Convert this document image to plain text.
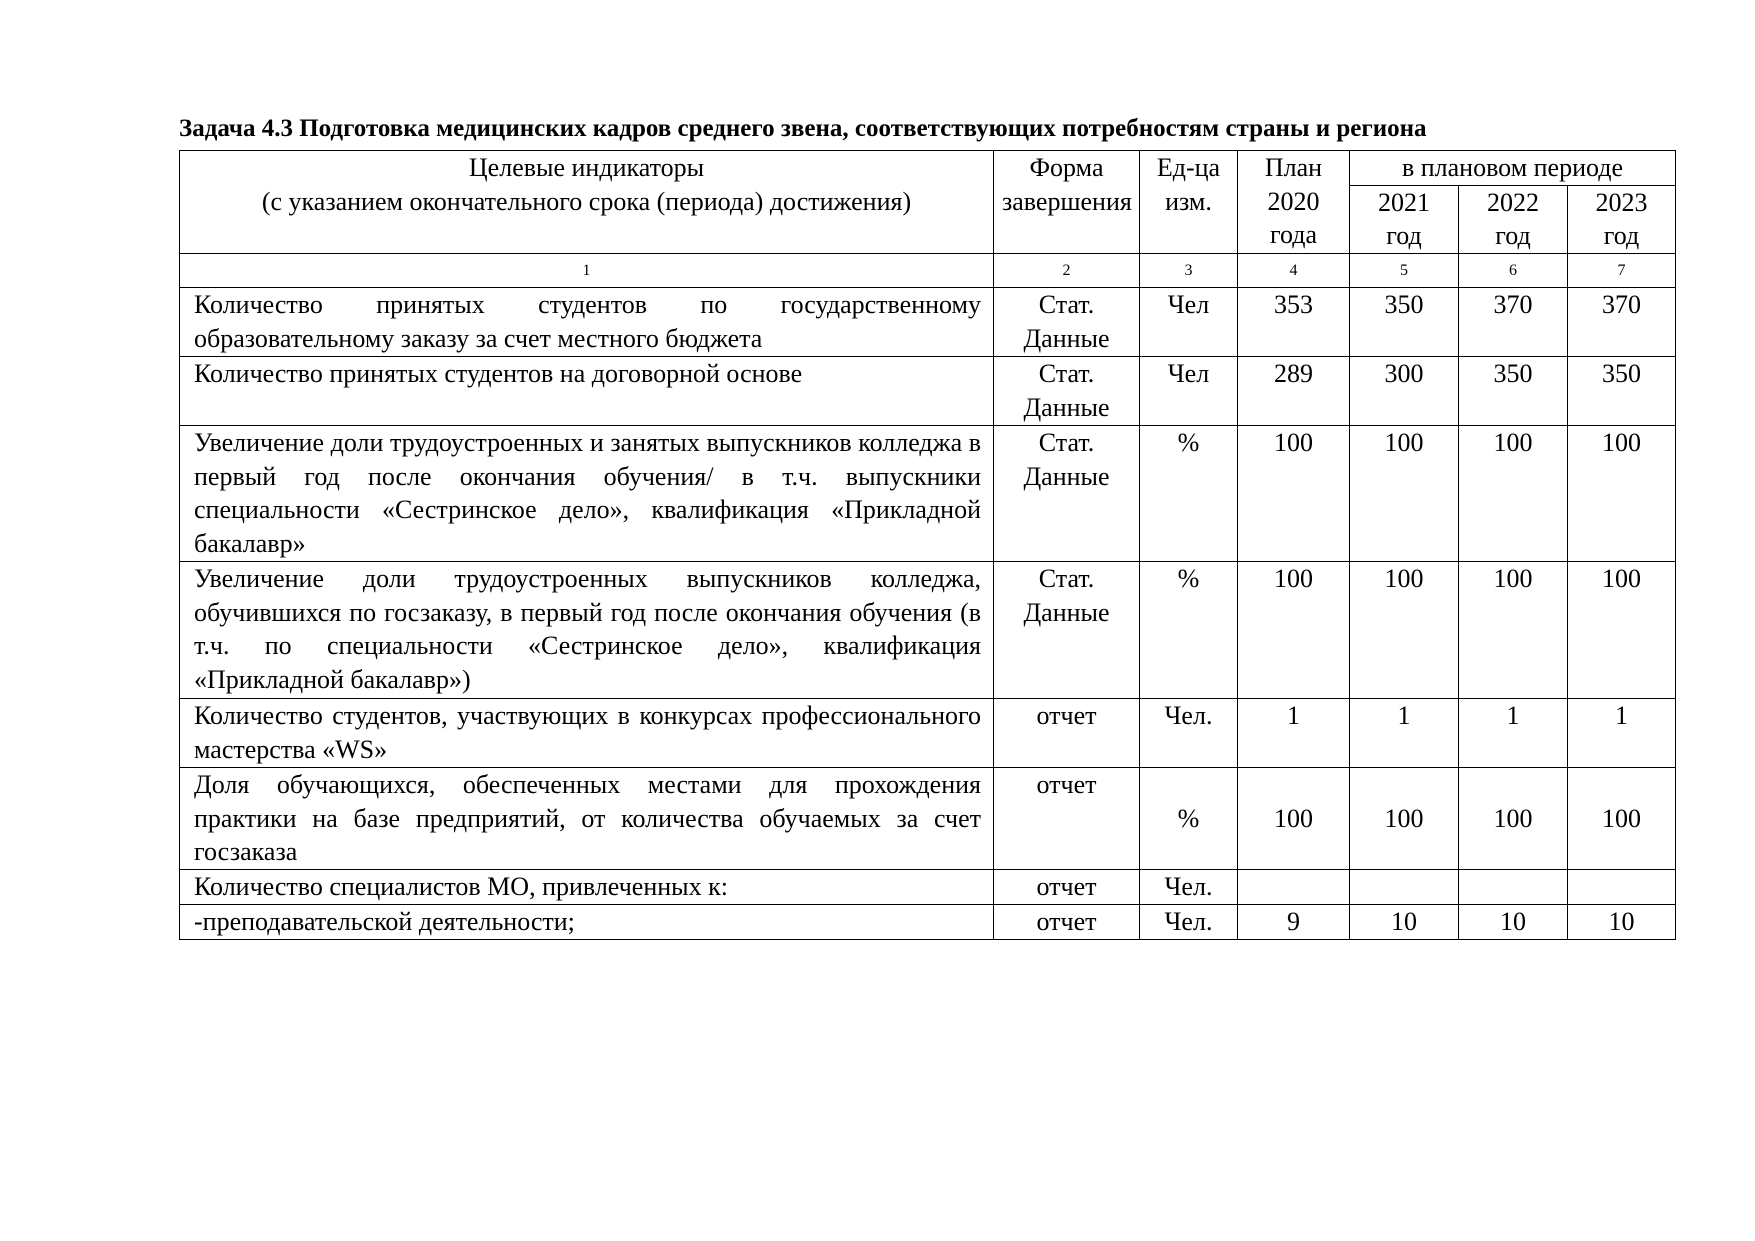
Задача 4.3 Подготовка медицинских кадров среднего звена, соответствующих потребностям страны и региона
Целевые индикаторы
(с указанием окончательного срока (периода) достижения)	Форма завершения	Ед-ца изм.	План 2020 года	в плановом периоде		

				2021 год	2022 год	2023 год

1	2	3	4	5	6	7
Количество принятых студентов по государственному образовательному заказу за счет местного бюджета	Стат. Данные	Чел	353	350	370	370
Количество принятых студентов на договорной основе	Стат. Данные	Чел	289	300	350	350
Увеличение доли трудоустроенных и занятых выпускников колледжа в первый год после окончания обучения/ в т.ч. выпускники специальности «Сестринское дело», квалификация «Прикладной бакалавр»	Стат. Данные	%	100	100	100	100
Увеличение доли трудоустроенных выпускников колледжа, обучившихся по госзаказу, в первый год после окончания обучения (в т.ч. по специальности «Сестринское дело», квалификация «Прикладной бакалавр»)	Стат. Данные	%	100	100	100	100
Количество студентов, участвующих в конкурсах профессионального мастерства «WS»	отчет	Чел.	1	1	1	1
Доля обучающихся, обеспеченных местами для прохождения практики на базе предприятий, от количества обучаемых за счет госзаказа	отчет	%	100	100	100	100
Количество специалистов МО, привлеченных к:	отчет	Чел.				
-преподавательской деятельности;	отчет	Чел.	9	10	10	10
